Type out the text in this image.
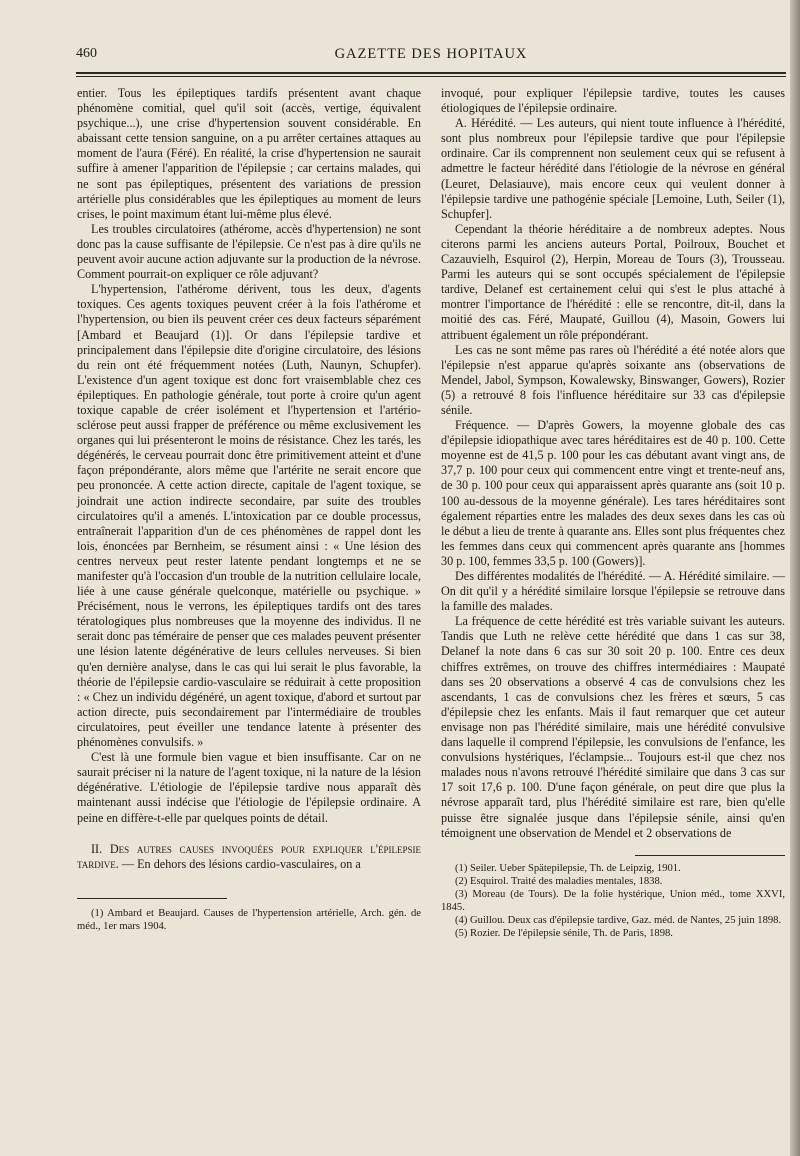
460	GAZETTE DES HOPITAUX

entier. Tous les épileptiques tardifs présentent avant chaque phénomène comitial, quel qu'il soit (accès, vertige, équivalent psychique...), une crise d'hypertension souvent considérable. En abaissant cette tension sanguine, on a pu arrêter certaines attaques au moment de l'aura (Féré). En réalité, la crise d'hypertension ne saurait suffire à amener l'apparition de l'épilepsie ; car certains malades, qui ne sont pas épileptiques, présentent des variations de pression artérielle plus considérables que les épileptiques au moment de leurs crises, le point maximum étant lui-même plus élevé.

Les troubles circulatoires (athérome, accès d'hypertension) ne sont donc pas la cause suffisante de l'épilepsie. Ce n'est pas à dire qu'ils ne peuvent avoir aucune action adjuvante sur la production de la névrose. Comment pourrait-on expliquer ce rôle adjuvant?

L'hypertension, l'athérome dérivent, tous les deux, d'agents toxiques. Ces agents toxiques peuvent créer à la fois l'athérome et l'hypertension, ou bien ils peuvent créer ces deux facteurs séparément [Ambard et Beaujard (1)]. Or dans l'épilepsie tardive et principalement dans l'épilepsie dite d'origine circulatoire, des lésions du rein ont été fréquemment notées (Luth, Naunyn, Schupfer). L'existence d'un agent toxique est donc fort vraisemblable chez ces épileptiques. En pathologie générale, tout porte à croire qu'un agent toxique capable de créer isolément et l'hypertension et l'artério-sclérose peut aussi frapper de préférence ou même exclusivement les organes qui lui présenteront le moins de résistance. Chez les tarés, les dégénérés, le cerveau pourrait donc être primitivement atteint et d'une façon prépondérante, alors même que l'artérite ne serait encore que peu prononcée. A cette action directe, capitale de l'agent toxique, se joindrait une action indirecte secondaire, par suite des troubles circulatoires qu'il a amenés. L'intoxication par ce double processus, entraînerait l'apparition d'un de ces phénomènes de rappel dont les lois, énoncées par Bernheim, se résument ainsi : « Une lésion des centres nerveux peut rester latente pendant longtemps et ne se manifester qu'à l'occasion d'un trouble de la nutrition cellulaire locale, liée à une cause générale quelconque, matérielle ou psychique. » Précisément, nous le verrons, les épileptiques tardifs ont des tares tératologiques plus nombreuses que la moyenne des individus. Il ne serait donc pas téméraire de penser que ces malades peuvent présenter une lésion latente dégénérative de leurs cellules nerveuses. Si bien qu'en dernière analyse, dans le cas qui lui serait le plus favorable, la théorie de l'épilepsie cardio-vasculaire se réduirait à cette proposition : « Chez un individu dégénéré, un agent toxique, d'abord et surtout par action directe, puis secondairement par l'intermédiaire de troubles circulatoires, peut éveiller une tendance latente à présenter des phénomènes convulsifs. »

C'est là une formule bien vague et bien insuffisante. Car on ne saurait préciser ni la nature de l'agent toxique, ni la nature de la lésion dégénérative. L'étiologie de l'épilepsie tardive nous apparaît dès maintenant aussi indécise que l'étiologie de l'épilepsie ordinaire. A peine en diffère-t-elle par quelques points de détail.

II. Des autres causes invoquées pour expliquer l'épilepsie tardive. — En dehors des lésions cardio-vasculaires, on a

(1) Ambard et Beaujard. Causes de l'hypertension artérielle, Arch. gén. de méd., 1er mars 1904.

invoqué, pour expliquer l'épilepsie tardive, toutes les causes étiologiques de l'épilepsie ordinaire.

A. Hérédité. — Les auteurs, qui nient toute influence à l'hérédité, sont plus nombreux pour l'épilepsie tardive que pour l'épilepsie ordinaire. Car ils comprennent non seulement ceux qui se refusent à admettre le facteur hérédité dans l'étiologie de la névrose en général (Leuret, Delasiauve), mais encore ceux qui veulent donner à l'épilepsie tardive une pathogénie spéciale [Lemoine, Luth, Seiler (1), Schupfer].

Cependant la théorie héréditaire a de nombreux adeptes. Nous citerons parmi les anciens auteurs Portal, Poilroux, Bouchet et Cazauvielh, Esquirol (2), Herpin, Moreau de Tours (3), Trousseau. Parmi les auteurs qui se sont occupés spécialement de l'épilepsie tardive, Delanef est certainement celui qui s'est le plus attaché à montrer l'importance de l'hérédité : elle se rencontre, dit-il, dans la moitié des cas. Féré, Maupaté, Guillou (4), Masoin, Gowers lui attribuent également un rôle prépondérant.

Les cas ne sont même pas rares où l'hérédité a été notée alors que l'épilepsie n'est apparue qu'après soixante ans (observations de Mendel, Jabol, Sympson, Kowalewsky, Binswanger, Gowers), Rozier (5) a retrouvé 8 fois l'influence héréditaire sur 33 cas d'épilepsie sénile.

Fréquence. — D'après Gowers, la moyenne globale des cas d'épilepsie idiopathique avec tares héréditaires est de 40 p. 100. Cette moyenne est de 41,5 p. 100 pour les cas débutant avant vingt ans, de 37,7 p. 100 pour ceux qui commencent entre vingt et trente-neuf ans, de 30 p. 100 pour ceux qui apparaissent après quarante ans (soit 10 p. 100 au-dessous de la moyenne générale). Les tares héréditaires sont également réparties entre les malades des deux sexes dans les cas où le début a lieu de trente à quarante ans. Elles sont plus fréquentes chez les femmes dans ceux qui commencent après quarante ans [hommes 30 p. 100, femmes 33,5 p. 100 (Gowers)].

Des différentes modalités de l'hérédité. — A. Hérédité similaire. — On dit qu'il y a hérédité similaire lorsque l'épilepsie se retrouve dans la famille des malades.

La fréquence de cette hérédité est très variable suivant les auteurs. Tandis que Luth ne relève cette hérédité que dans 1 cas sur 38, Delanef la note dans 6 cas sur 30 soit 20 p. 100. Entre ces deux chiffres extrêmes, on trouve des chiffres intermédiaires : Maupaté dans ses 20 observations a observé 4 cas de convulsions chez les ascendants, 1 cas de convulsions chez les frères et sœurs, 5 cas d'épilepsie chez les enfants. Mais il faut remarquer que cet auteur envisage non pas l'hérédité similaire, mais une hérédité convulsive dans laquelle il comprend l'épilepsie, les convulsions de l'enfance, les convulsions hystériques, l'éclampsie... Toujours est-il que chez nos malades nous n'avons retrouvé l'hérédité similaire que dans 3 cas sur 17 soit 17,6 p. 100. D'une façon générale, on peut dire que plus la névrose apparaît tard, plus l'hérédité similaire est rare, bien qu'elle puisse être signalée jusque dans l'épilepsie sénile, ainsi qu'en témoignent une observation de Mendel et 2 observations de

(1) Seiler. Ueber Spätepilepsie, Th. de Leipzig, 1901.

(2) Esquirol. Traité des maladies mentales, 1838.

(3) Moreau (de Tours). De la folie hystérique, Union méd., tome XXVI, 1845.

(4) Guillou. Deux cas d'épilepsie tardive, Gaz. méd. de Nantes, 25 juin 1898.

(5) Rozier. De l'épilepsie sénile, Th. de Paris, 1898.
